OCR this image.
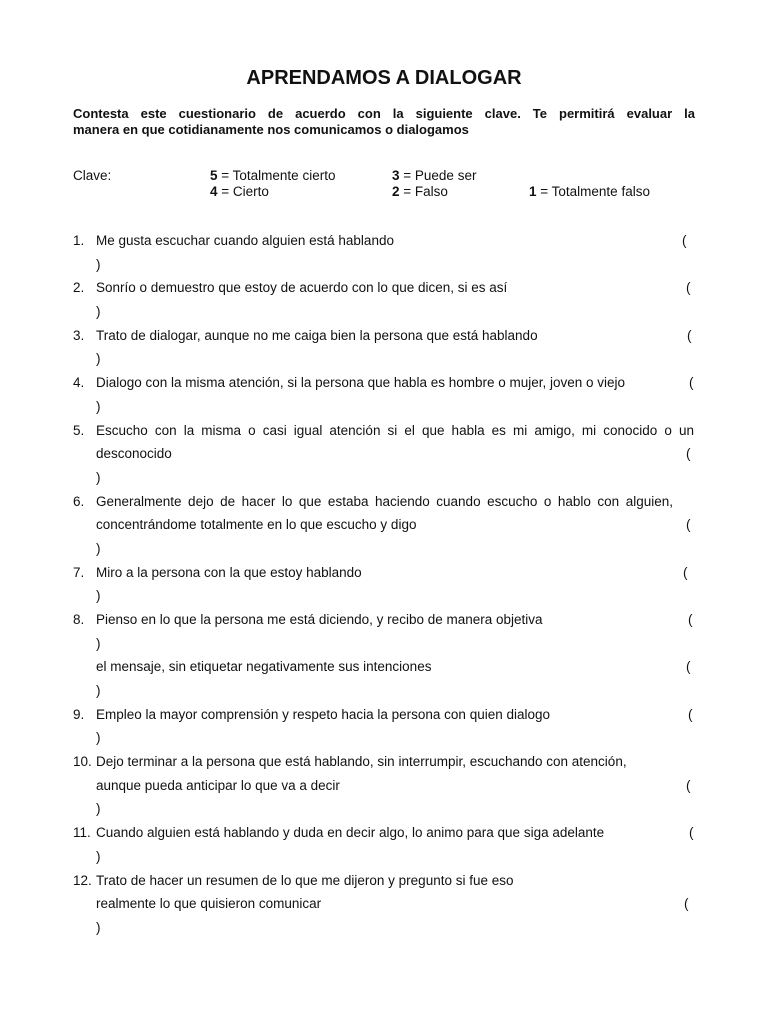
APRENDAMOS A DIALOGAR
Contesta este cuestionario de acuerdo con la siguiente clave. Te permitirá evaluar la
manera en que cotidianamente nos comunicamos o dialogamos
Clave:	5 = Totalmente cierto	3 = Puede ser
4 = Cierto	2 = Falso	1 = Totalmente falso
1. Me gusta escuchar cuando alguien está hablando	(
)
2. Sonrío o demuestro que estoy de acuerdo con lo que dicen, si es así	(
)
3. Trato de dialogar, aunque no me caiga bien la persona que está hablando	(
)
4. Dialogo con la misma atención, si la persona que habla es hombre o mujer, joven o viejo	(
)
5. Escucho con la misma o casi igual atención si el que habla es mi amigo, mi conocido o un
desconocido	(
)
6. Generalmente dejo de hacer lo que estaba haciendo cuando escucho o hablo con alguien,
concentrándome totalmente en lo que escucho y digo	(
)
7. Miro a la persona con la que estoy hablando	(
)
8. Pienso en lo que la persona me está diciendo, y recibo de manera objetiva	(
)
el mensaje, sin etiquetar negativamente sus intenciones	(
)
9. Empleo la mayor comprensión y respeto hacia la persona con quien dialogo	(
)
10. Dejo terminar a la persona que está hablando, sin interrumpir, escuchando con atención,
aunque pueda anticipar lo que va a decir	(
)
11. Cuando alguien está hablando y duda en decir algo, lo animo para que siga adelante	(
)
12. Trato de hacer un resumen de lo que me dijeron y pregunto si fue eso
realmente lo que quisieron comunicar	(
)
